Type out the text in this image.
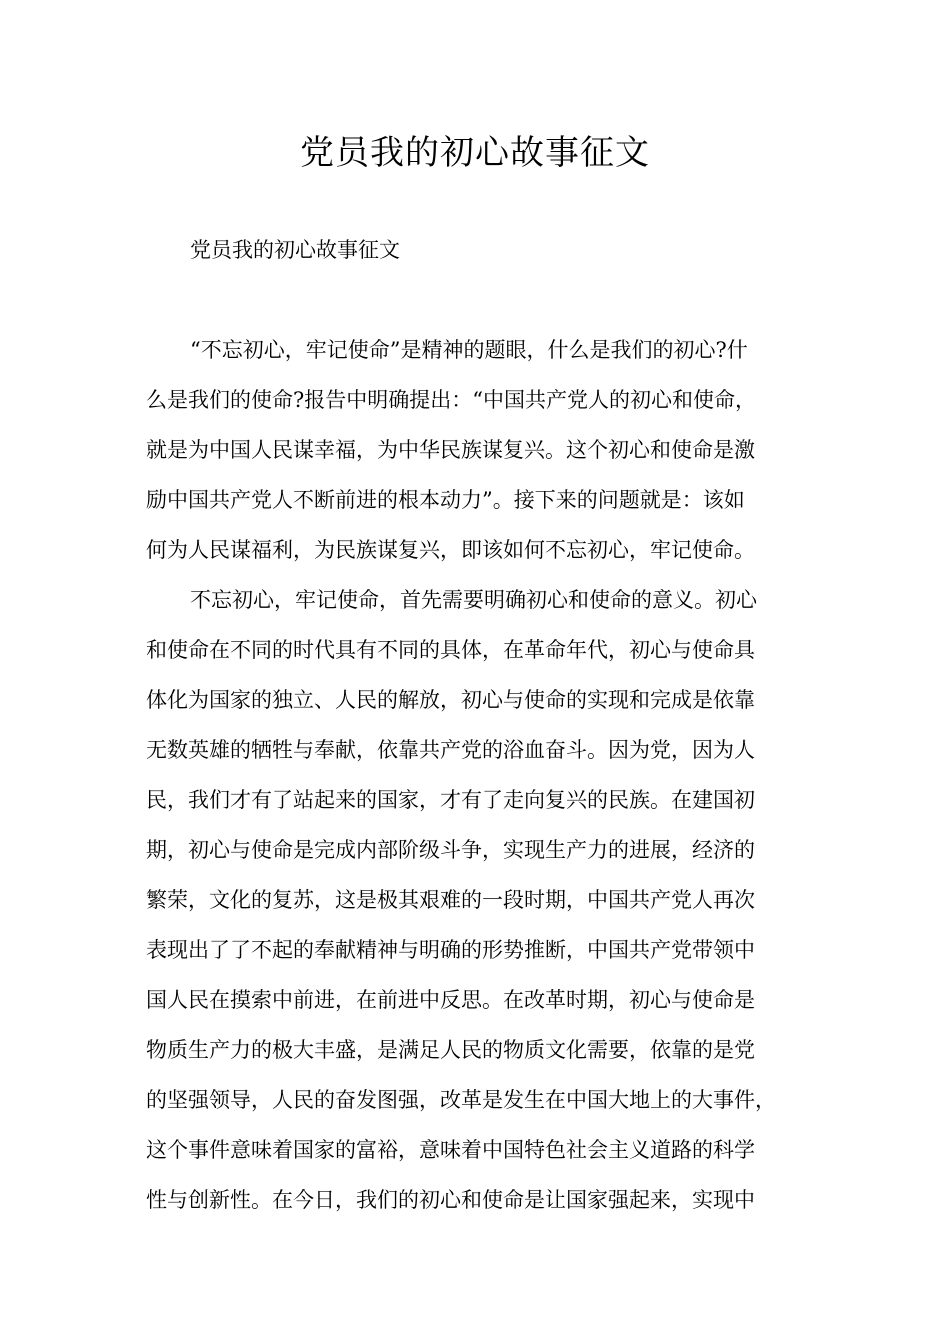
党员我的初心故事征文
党员我的初心故事征文
“不忘初心，牢记使命”是精神的题眼，什么是我们的初心?什
么是我们的使命?报告中明确提出：“中国共产党人的初心和使命，
就是为中国人民谋幸福，为中华民族谋复兴。这个初心和使命是激
励中国共产党人不断前进的根本动力”。接下来的问题就是：该如
何为人民谋福利，为民族谋复兴，即该如何不忘初心，牢记使命。
不忘初心，牢记使命，首先需要明确初心和使命的意义。初心
和使命在不同的时代具有不同的具体，在革命年代，初心与使命具
体化为国家的独立、人民的解放，初心与使命的实现和完成是依靠
无数英雄的牺牲与奉献，依靠共产党的浴血奋斗。因为党，因为人
民，我们才有了站起来的国家，才有了走向复兴的民族。在建国初
期，初心与使命是完成内部阶级斗争，实现生产力的进展，经济的
繁荣，文化的复苏，这是极其艰难的一段时期，中国共产党人再次
表现出了了不起的奉献精神与明确的形势推断，中国共产党带领中
国人民在摸索中前进，在前进中反思。在改革时期，初心与使命是
物质生产力的极大丰盛，是满足人民的物质文化需要，依靠的是党
的坚强领导，人民的奋发图强，改革是发生在中国大地上的大事件，
这个事件意味着国家的富裕，意味着中国特色社会主义道路的科学
性与创新性。在今日，我们的初心和使命是让国家强起来，实现中
